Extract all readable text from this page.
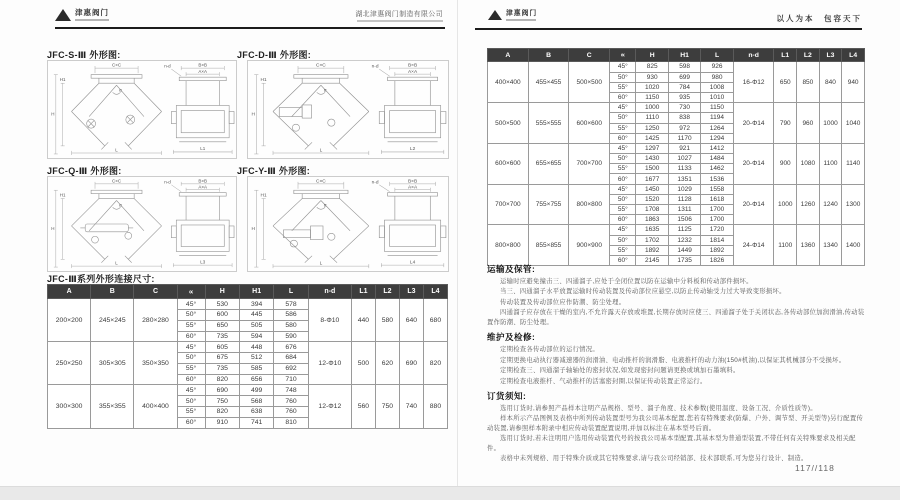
津惠阀门	湖北津惠阀门制造有限公司	津惠阀门
以人为本　包容天下
JFC-S-Ⅲ 外形图:	JFC-D-Ⅲ 外形图:
JFC-Q-Ⅲ 外形图:	JFC-Y-Ⅲ 外形图:
C×C
H
H1
L
α
B×B
A×A
n-d
L1
C×C
H
H1
L
α
B×B
A×A
n-d
L2
C×C
H
H1
L
α
B×B
A×A
n-d
L3
C×C
H
H1
L
α
B×B
A×A
n-d
L4
JFC-Ⅲ系列外形连接尺寸:
A	B	C	∝	H	H1	L	n-d	L1	L2	L3	L4
200×200	245×245	280×280	45°	530	394	578	8-Φ10	440	580	640	680
			50°	600	445	586					
			55°	650	505	580					
			60°	735	594	590					
250×250	305×305	350×350	45°	605	448	676	12-Φ10	500	620	690	820
			50°	675	512	684					
			55°	735	585	692					
			60°	820	656	710					
300×300	355×355	400×400	45°	690	499	748	12-Φ12	560	750	740	880
			50°	750	568	760					
			55°	820	638	760					
			60°	910	741	810					
A	B	C	∝	H	H1	L	n-d	L1	L2	L3	L4
400×400	455×455	500×500	45°	825	598	926	16-Φ12	650	850	840	940
			50°	930	699	980					
			55°	1020	784	1008					
			60°	1150	935	1010					
500×500	555×555	600×600	45°	1000	730	1150	20-Φ14	790	960	1000	1040
			50°	1110	838	1194					
			55°	1250	972	1264					
			60°	1425	1170	1294					
600×600	655×655	700×700	45°	1297	921	1412	20-Φ14	900	1080	1100	1140
			50°	1430	1027	1484					
			55°	1500	1133	1462					
			60°	1677	1351	1536					
700×700	755×755	800×800	45°	1450	1029	1558	20-Φ14	1000	1260	1240	1300
			50°	1520	1128	1618					
			55°	1708	1311	1700					
			60°	1863	1506	1700					
800×800	855×855	900×900	45°	1635	1125	1720	24-Φ14	1100	1360	1340	1400
			50°	1702	1232	1814					
			55°	1892	1449	1892					
			60°	2145	1735	1826					
运输及保管:

运输时应避免撞击三、四通溜子,应处于全闭位置以防在运输中分料板和传动部件损坏。

当三、四通溜子水平放置运输时传动装置及传动部位应悬空,以防止传动轴受力过大导致变形损坏。

传动装置及传动部位应作防潮、防尘处理。

四通溜子应存放在干燥的室内,不允许露天存放或堆置,长期存放时应使三、四通溜子处于关闭状态,各传动部位加润滑油,传动装置作防潮、防尘处理。

维护及检修:

定期检查各传动部位的运行情况。

定期更换电动执行器减速器的润滑油、电动推杆的润滑脂、电液推杆的动力油(150#机油),以保证其机械部分不受损坏。

定期检查三、四通溜子轴轴处的密封状况,如发现密封问题请更换或填加石墨填料。

定期检查电液推杆、气动推杆的活塞密封圈,以保证传动装置正常运行。

订货须知:

选用订货时,请参照产品样本注明产品规格、型号、溜子角度、技术参数(使用温度、设备工况、介质性质等)。

样本所示产品图例及表格中所列传动装置型号为我公司基本配置,您若有特殊要求(防爆、户外、调节型、开关型等)另行配置传动装置,请参照样本附录中相应传动装置配置说明,并加以标注在基本型号后面。

选用订货时,若未注明用户选用传动装置代号的按我公司基本型配置,其基本型为普通型装置,不带任何有关特殊要求及相关配件。

表格中未列规格、用于特殊介质或其它特殊要求,请与我公司经销部、技术部联系,可为您另行设计、制造。

117//118
